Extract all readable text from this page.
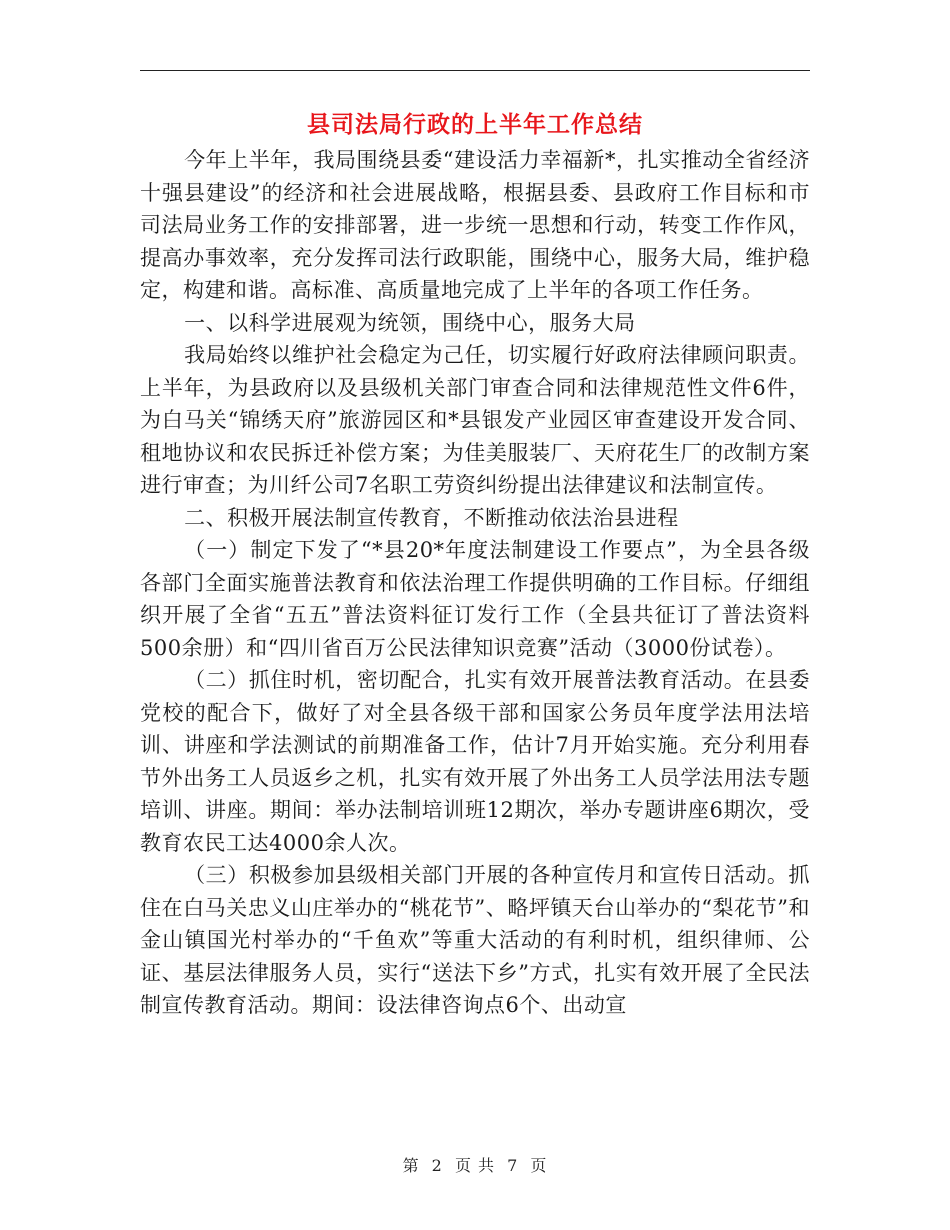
县司法局行政的上半年工作总结

今年上半年，我局围绕县委“建设活力幸福新*，扎实推动全省经济十强县建设”的经济和社会进展战略，根据县委、县政府工作目标和市司法局业务工作的安排部署，进一步统一思想和行动，转变工作作风，提高办事效率，充分发挥司法行政职能，围绕中心，服务大局，维护稳定，构建和谐。高标准、高质量地完成了上半年的各项工作任务。

一、以科学进展观为统领，围绕中心，服务大局

我局始终以维护社会稳定为己任，切实履行好政府法律顾问职责。上半年，为县政府以及县级机关部门审查合同和法律规范性文件6件，为白马关“锦绣天府”旅游园区和*县银发产业园区审查建设开发合同、租地协议和农民拆迁补偿方案；为佳美服装厂、天府花生厂的改制方案进行审查；为川纤公司7名职工劳资纠纷提出法律建议和法制宣传。

二、积极开展法制宣传教育，不断推动依法治县进程

（一）制定下发了“*县20*年度法制建设工作要点”，为全县各级各部门全面实施普法教育和依法治理工作提供明确的工作目标。仔细组织开展了全省“五五”普法资料征订发行工作（全县共征订了普法资料500余册）和“四川省百万公民法律知识竞赛”活动（3000份试卷）。

（二）抓住时机，密切配合，扎实有效开展普法教育活动。在县委党校的配合下，做好了对全县各级干部和国家公务员年度学法用法培训、讲座和学法测试的前期准备工作，估计7月开始实施。充分利用春节外出务工人员返乡之机，扎实有效开展了外出务工人员学法用法专题培训、讲座。期间：举办法制培训班12期次，举办专题讲座6期次，受教育农民工达4000余人次。

（三）积极参加县级相关部门开展的各种宣传月和宣传日活动。抓住在白马关忠义山庄举办的“桃花节”、略坪镇天台山举办的“梨花节”和金山镇国光村举办的“千鱼欢”等重大活动的有利时机，组织律师、公证、基层法律服务人员，实行“送法下乡”方式，扎实有效开展了全民法制宣传教育活动。期间：设法律咨询点6个、出动宣

第 2 页 共 7 页
